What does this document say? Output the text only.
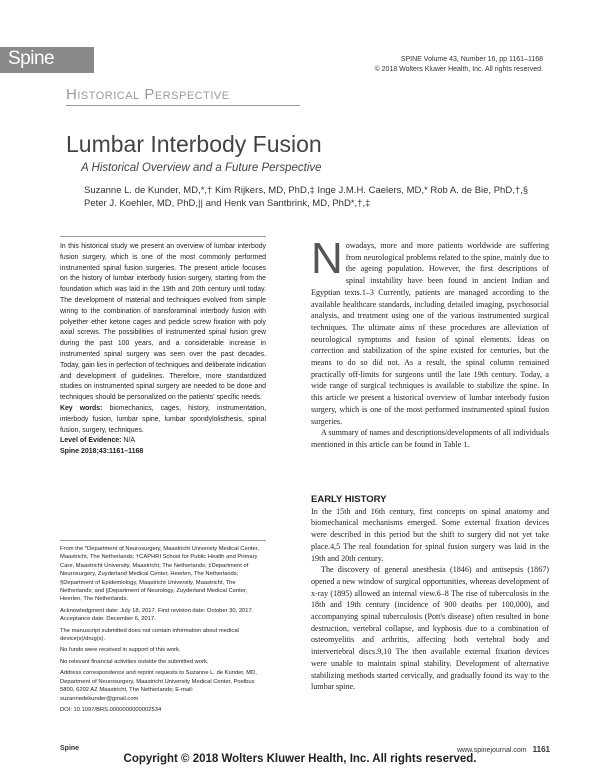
Spine	SPINE Volume 43, Number 16, pp 1161–1168
© 2018 Wolters Kluwer Health, Inc. All rights reserved.
Historical Perspective
Lumbar Interbody Fusion
A Historical Overview and a Future Perspective
Suzanne L. de Kunder, MD,*,† Kim Rijkers, MD, PhD,‡ Inge J.M.H. Caelers, MD,* Rob A. de Bie, PhD,†,§
Peter J. Koehler, MD, PhD,|| and Henk van Santbrink, MD, PhD*,†,‡

In this historical study we present an overview of lumbar interbody fusion surgery, which is one of the most commonly performed instrumented spinal fusion surgeries. The present article focuses on the history of lumbar interbody fusion surgery, starting from the foundation which was laid in the 19th and 20th century until today. The development of material and techniques evolved from simple wiring to the combination of transforaminal interbody fusion with polyether ether ketone cages and pedicle screw fixation with poly axial screws. The possibilities of instrumented spinal fusion grew during the past 100 years, and a considerable increase in instrumented spinal surgery was seen over the past decades. Today, gain lies in perfection of techniques and deliberate indication and development of guidelines. Therefore, more standardized studies on instrumented spinal surgery are needed to be done and techniques should be personalized on the patients' specific needs.

Key words: biomechanics, cages, history, instrumentation, interbody fusion, lumbar spine, lumbar spondylolisthesis, spinal fusion, surgery, techniques.

Level of Evidence: N/A
Spine 2018;43:1161–1168

From the *Department of Neurosurgery, Maastricht University Medical Center, Maastricht, The Netherlands; †CAPHRI School for Public Health and Primary Care, Maastricht University, Maastricht, The Netherlands; ‡Department of Neurosurgery, Zuyderland Medical Center, Heerlen, The Netherlands; §Department of Epidemiology, Maastricht University, Maastricht, The Netherlands; and ||Department of Neurology, Zuyderland Medical Center, Heerlen, The Netherlands.

Acknowledgment date: July 18, 2017. First revision date: October 30, 2017. Acceptance date: December 6, 2017.

The manuscript submitted does not contain information about medical device(s)/drug(s).

No funds were received in support of this work.

No relevant financial activities outside the submitted work.

Address correspondence and reprint requests to Suzanne L. de Kunder, MD, Department of Neurosurgery, Maastricht University Medical Center, Postbus 5800, 6202 AZ Maastricht, The Netherlands; E-mail: suzannedekunder@gmail.com

DOI: 10.1097/BRS.0000000000002534

Nowadays, more and more patients worldwide are suffering from neurological problems related to the spine, mainly due to the ageing population. However, the first descriptions of spinal instability have been found in ancient Indian and Egyptian texts.1–3 Currently, patients are managed according to the available healthcare standards, including detailed imaging, psychosocial analysis, and treatment using one of the various instrumented surgical techniques. The ultimate aims of these procedures are alleviation of neurological symptoms and fusion of spinal elements. Ideas on correction and stabilization of the spine existed for centuries, but the means to do so did not. As a result, the spinal column remained practically off-limits for surgeons until the late 19th century. Today, a wide range of surgical techniques is available to stabilize the spine. In this article we present a historical overview of lumbar interbody fusion surgery, which is one of the most performed instrumented spinal fusion surgeries.

A summary of names and descriptions/developments of all individuals mentioned in this article can be found in Table 1.

EARLY HISTORY

In the 15th and 16th century, first concepts on spinal anatomy and biomechanical mechanisms emerged. Some external fixation devices were described in this period but the shift to surgery did not yet take place.4,5 The real foundation for spinal fusion surgery was laid in the 19th and 20th century.

The discovery of general anesthesia (1846) and antisepsis (1867) opened a new window of surgical opportunities, whereas development of x-ray (1895) allowed an internal view.6–8 The rise of tuberculosis in the 18th and 19th century (incidence of 900 deaths per 100,000), and accompanying spinal tuberculosis (Pott's disease) often resulted in bone destruction, vertebral collapse, and kyphosis due to a combination of osteomyelitis and arthritis, affecting both vertebral body and intervertebral discs.9,10 The then available external fixation devices were unable to maintain spinal stability. Development of alternative stabilizing methods started cervically, and gradually found its way to the lumbar spine.

Spine	www.spinejournal.com 1161
Copyright © 2018 Wolters Kluwer Health, Inc. All rights reserved.
